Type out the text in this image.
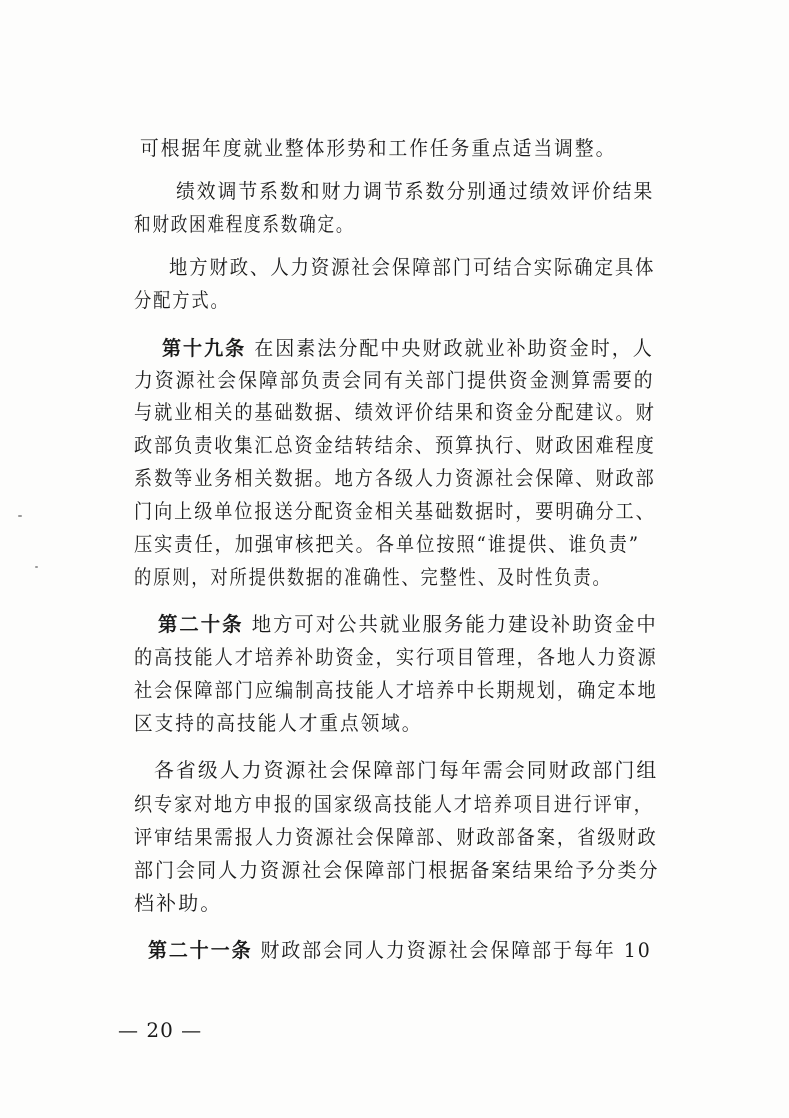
可根据年度就业整体形势和工作任务重点适当调整。
绩效调节系数和财力调节系数分别通过绩效评价结果
和财政困难程度系数确定。
地方财政、人力资源社会保障部门可结合实际确定具体
分配方式。
第十九条 在因素法分配中央财政就业补助资金时，人
力资源社会保障部负责会同有关部门提供资金测算需要的
与就业相关的基础数据、绩效评价结果和资金分配建议。财
政部负责收集汇总资金结转结余、预算执行、财政困难程度
系数等业务相关数据。地方各级人力资源社会保障、财政部
门向上级单位报送分配资金相关基础数据时，要明确分工、
压实责任，加强审核把关。各单位按照“谁提供、谁负责”
的原则，对所提供数据的准确性、完整性、及时性负责。
第二十条 地方可对公共就业服务能力建设补助资金中
的高技能人才培养补助资金，实行项目管理，各地人力资源
社会保障部门应编制高技能人才培养中长期规划，确定本地
区支持的高技能人才重点领域。
各省级人力资源社会保障部门每年需会同财政部门组
织专家对地方申报的国家级高技能人才培养项目进行评审，
评审结果需报人力资源社会保障部、财政部备案，省级财政
部门会同人力资源社会保障部门根据备案结果给予分类分
档补助。
第二十一条 财政部会同人力资源社会保障部于每年 10
— 20 —
